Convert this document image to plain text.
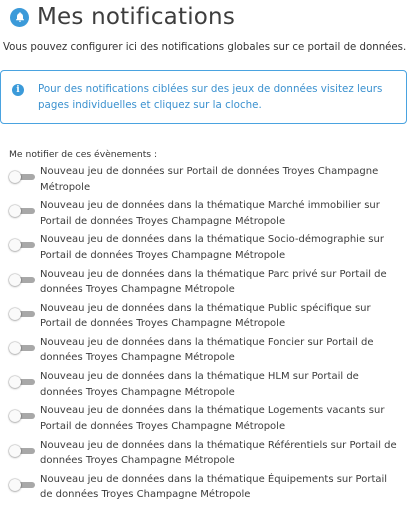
Mes notifications
Vous pouvez configurer ici des notifications globales sur ce portail de données.
i	Pour des notifications ciblées sur des jeux de données visitez leurs pages individuelles et cliquez sur la cloche.
Me notifier de ces évènements :
Nouveau jeu de données sur Portail de données Troyes Champagne Métropole
Nouveau jeu de données dans la thématique Marché immobilier sur Portail de données Troyes Champagne Métropole
Nouveau jeu de données dans la thématique Socio-démographie sur Portail de données Troyes Champagne Métropole
Nouveau jeu de données dans la thématique Parc privé sur Portail de données Troyes Champagne Métropole
Nouveau jeu de données dans la thématique Public spécifique sur Portail de données Troyes Champagne Métropole
Nouveau jeu de données dans la thématique Foncier sur Portail de données Troyes Champagne Métropole
Nouveau jeu de données dans la thématique HLM sur Portail de données Troyes Champagne Métropole
Nouveau jeu de données dans la thématique Logements vacants sur Portail de données Troyes Champagne Métropole
Nouveau jeu de données dans la thématique Référentiels sur Portail de données Troyes Champagne Métropole
Nouveau jeu de données dans la thématique Équipements sur Portail de données Troyes Champagne Métropole
